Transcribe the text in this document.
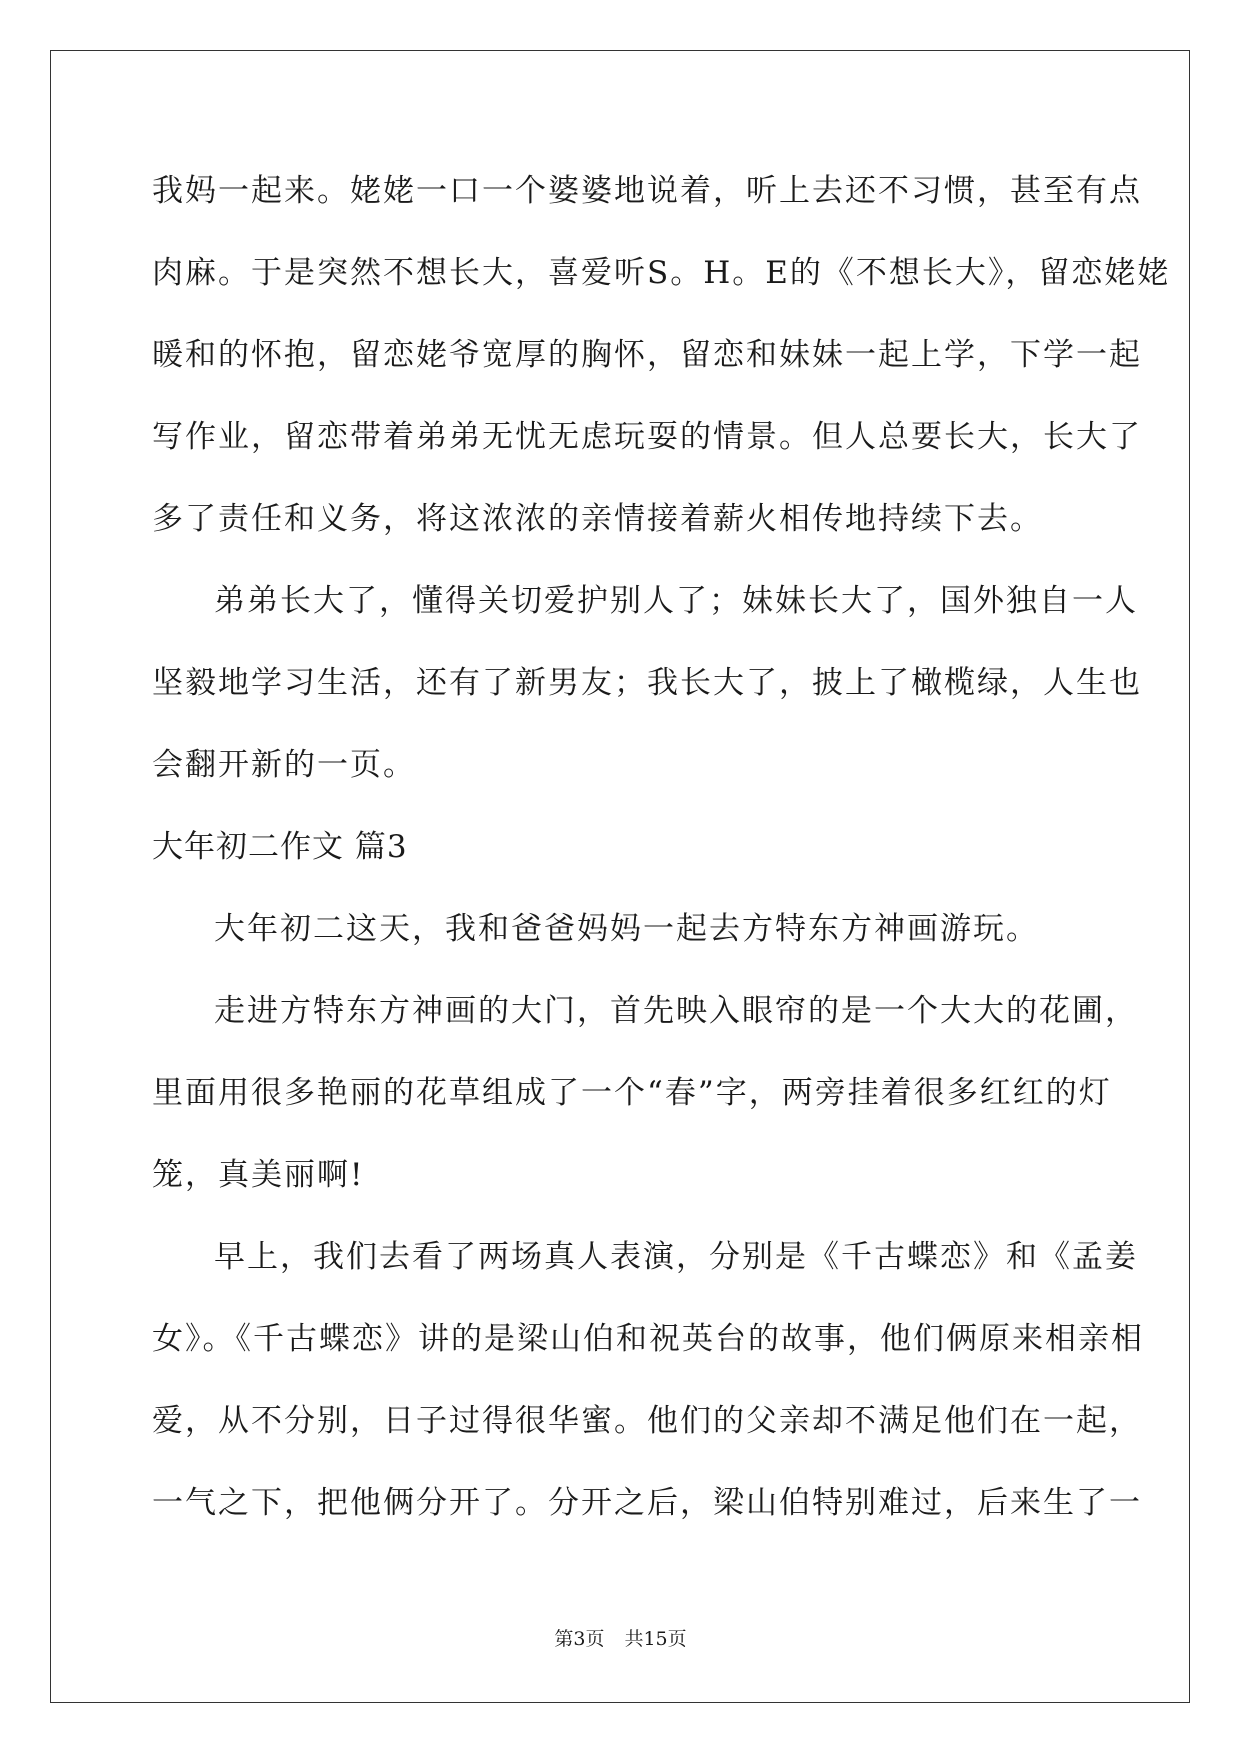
我妈一起来。姥姥一口一个婆婆地说着，听上去还不习惯，甚至有点
肉麻。于是突然不想长大，喜爱听S。H。E的《不想长大》，留恋姥姥
暖和的怀抱，留恋姥爷宽厚的胸怀，留恋和妹妹一起上学，下学一起
写作业，留恋带着弟弟无忧无虑玩耍的情景。但人总要长大，长大了
多了责任和义务，将这浓浓的亲情接着薪火相传地持续下去。
弟弟长大了，懂得关切爱护别人了；妹妹长大了，国外独自一人
坚毅地学习生活，还有了新男友；我长大了，披上了橄榄绿，人生也
会翻开新的一页。
大年初二作文 篇3
大年初二这天，我和爸爸妈妈一起去方特东方神画游玩。
走进方特东方神画的大门，首先映入眼帘的是一个大大的花圃，
里面用很多艳丽的花草组成了一个“春”字，两旁挂着很多红红的灯
笼，真美丽啊!
早上，我们去看了两场真人表演，分别是《千古蝶恋》和《孟姜
女》。《千古蝶恋》讲的是梁山伯和祝英台的故事，他们俩原来相亲相
爱，从不分别，日子过得很华蜜。他们的父亲却不满足他们在一起，
一气之下，把他俩分开了。分开之后，梁山伯特别难过，后来生了一
第3页 共15页
